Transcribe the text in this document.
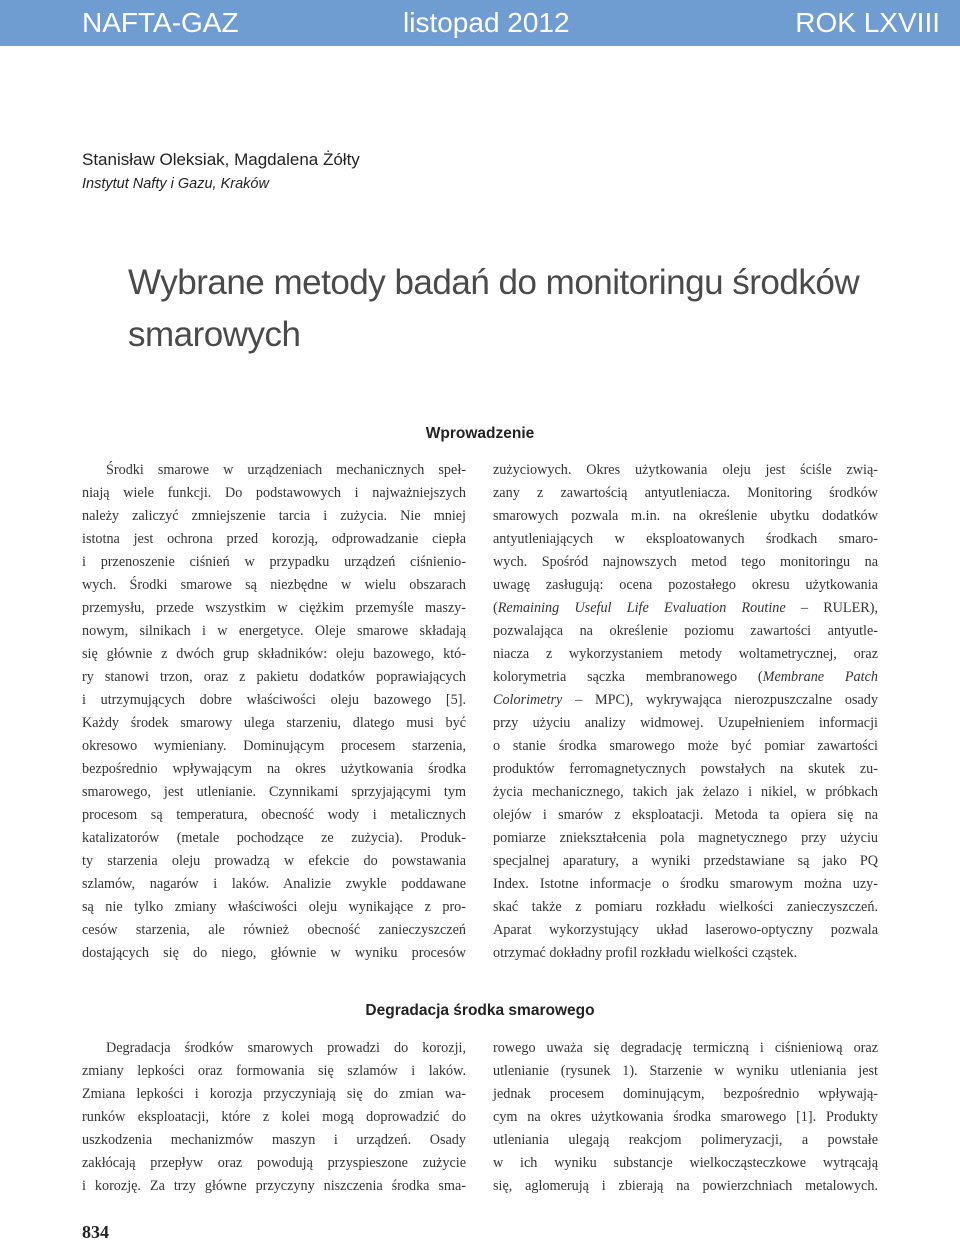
NAFTA-GAZ	listopad 2012	ROK LXVIII
Stanisław Oleksiak, Magdalena Żółty
Instytut Nafty i Gazu, Kraków
Wybrane metody badań do monitoringu środków
smarowych
Wprowadzenie
Środki smarowe w urządzeniach mechanicznych speł-
niają wiele funkcji. Do podstawowych i najważniejszych
należy zaliczyć zmniejszenie tarcia i zużycia. Nie mniej
istotna jest ochrona przed korozją, odprowadzanie ciepła
i przenoszenie ciśnień w przypadku urządzeń ciśnienio-
wych. Środki smarowe są niezbędne w wielu obszarach
przemysłu, przede wszystkim w ciężkim przemyśle maszy-
nowym, silnikach i w energetyce. Oleje smarowe składają
się głównie z dwóch grup składników: oleju bazowego, któ-
ry stanowi trzon, oraz z pakietu dodatków poprawiających
i utrzymujących dobre właściwości oleju bazowego [5].
Każdy środek smarowy ulega starzeniu, dlatego musi być
okresowo wymieniany. Dominującym procesem starzenia,
bezpośrednio wpływającym na okres użytkowania środka
smarowego, jest utlenianie. Czynnikami sprzyjającymi tym
procesom są temperatura, obecność wody i metalicznych
katalizatorów (metale pochodzące ze zużycia). Produk-
ty starzenia oleju prowadzą w efekcie do powstawania
szlamów, nagarów i laków. Analizie zwykle poddawane
są nie tylko zmiany właściwości oleju wynikające z pro-
cesów starzenia, ale również obecność zanieczyszczeń
dostających się do niego, głównie w wyniku procesów
zużyciowych. Okres użytkowania oleju jest ściśle zwią-
zany z zawartością antyutleniacza. Monitoring środków
smarowych pozwala m.in. na określenie ubytku dodatków
antyutleniających w eksploatowanych środkach smaro-
wych. Spośród najnowszych metod tego monitoringu na
uwagę zasługują: ocena pozostałego okresu użytkowania
(Remaining Useful Life Evaluation Routine – RULER),
pozwalająca na określenie poziomu zawartości antyutle-
niacza z wykorzystaniem metody woltametrycznej, oraz
kolorymetria sączka membranowego (Membrane Patch
Colorimetry – MPC), wykrywająca nierozpuszczalne osady
przy użyciu analizy widmowej. Uzupełnieniem informacji
o stanie środka smarowego może być pomiar zawartości
produktów ferromagnetycznych powstałych na skutek zu-
życia mechanicznego, takich jak żelazo i nikiel, w próbkach
olejów i smarów z eksploatacji. Metoda ta opiera się na
pomiarze zniekształcenia pola magnetycznego przy użyciu
specjalnej aparatury, a wyniki przedstawiane są jako PQ
Index. Istotne informacje o środku smarowym można uzy-
skać także z pomiaru rozkładu wielkości zanieczyszczeń.
Aparat wykorzystujący układ laserowo-optyczny pozwala
otrzymać dokładny profil rozkładu wielkości cząstek.
Degradacja środka smarowego
Degradacja środków smarowych prowadzi do korozji,
zmiany lepkości oraz formowania się szlamów i laków.
Zmiana lepkości i korozja przyczyniają się do zmian wa-
runków eksploatacji, które z kolei mogą doprowadzić do
uszkodzenia mechanizmów maszyn i urządzeń. Osady
zakłócają przepływ oraz powodują przyspieszone zużycie
i korozję. Za trzy główne przyczyny niszczenia środka sma-
rowego uważa się degradację termiczną i ciśnieniową oraz
utlenianie (rysunek 1). Starzenie w wyniku utleniania jest
jednak procesem dominującym, bezpośrednio wpływają-
cym na okres użytkowania środka smarowego [1]. Produkty
utleniania ulegają reakcjom polimeryzacji, a powstałe
w ich wyniku substancje wielkocząsteczkowe wytrącają
się, aglomerują i zbierają na powierzchniach metalowych.
834
